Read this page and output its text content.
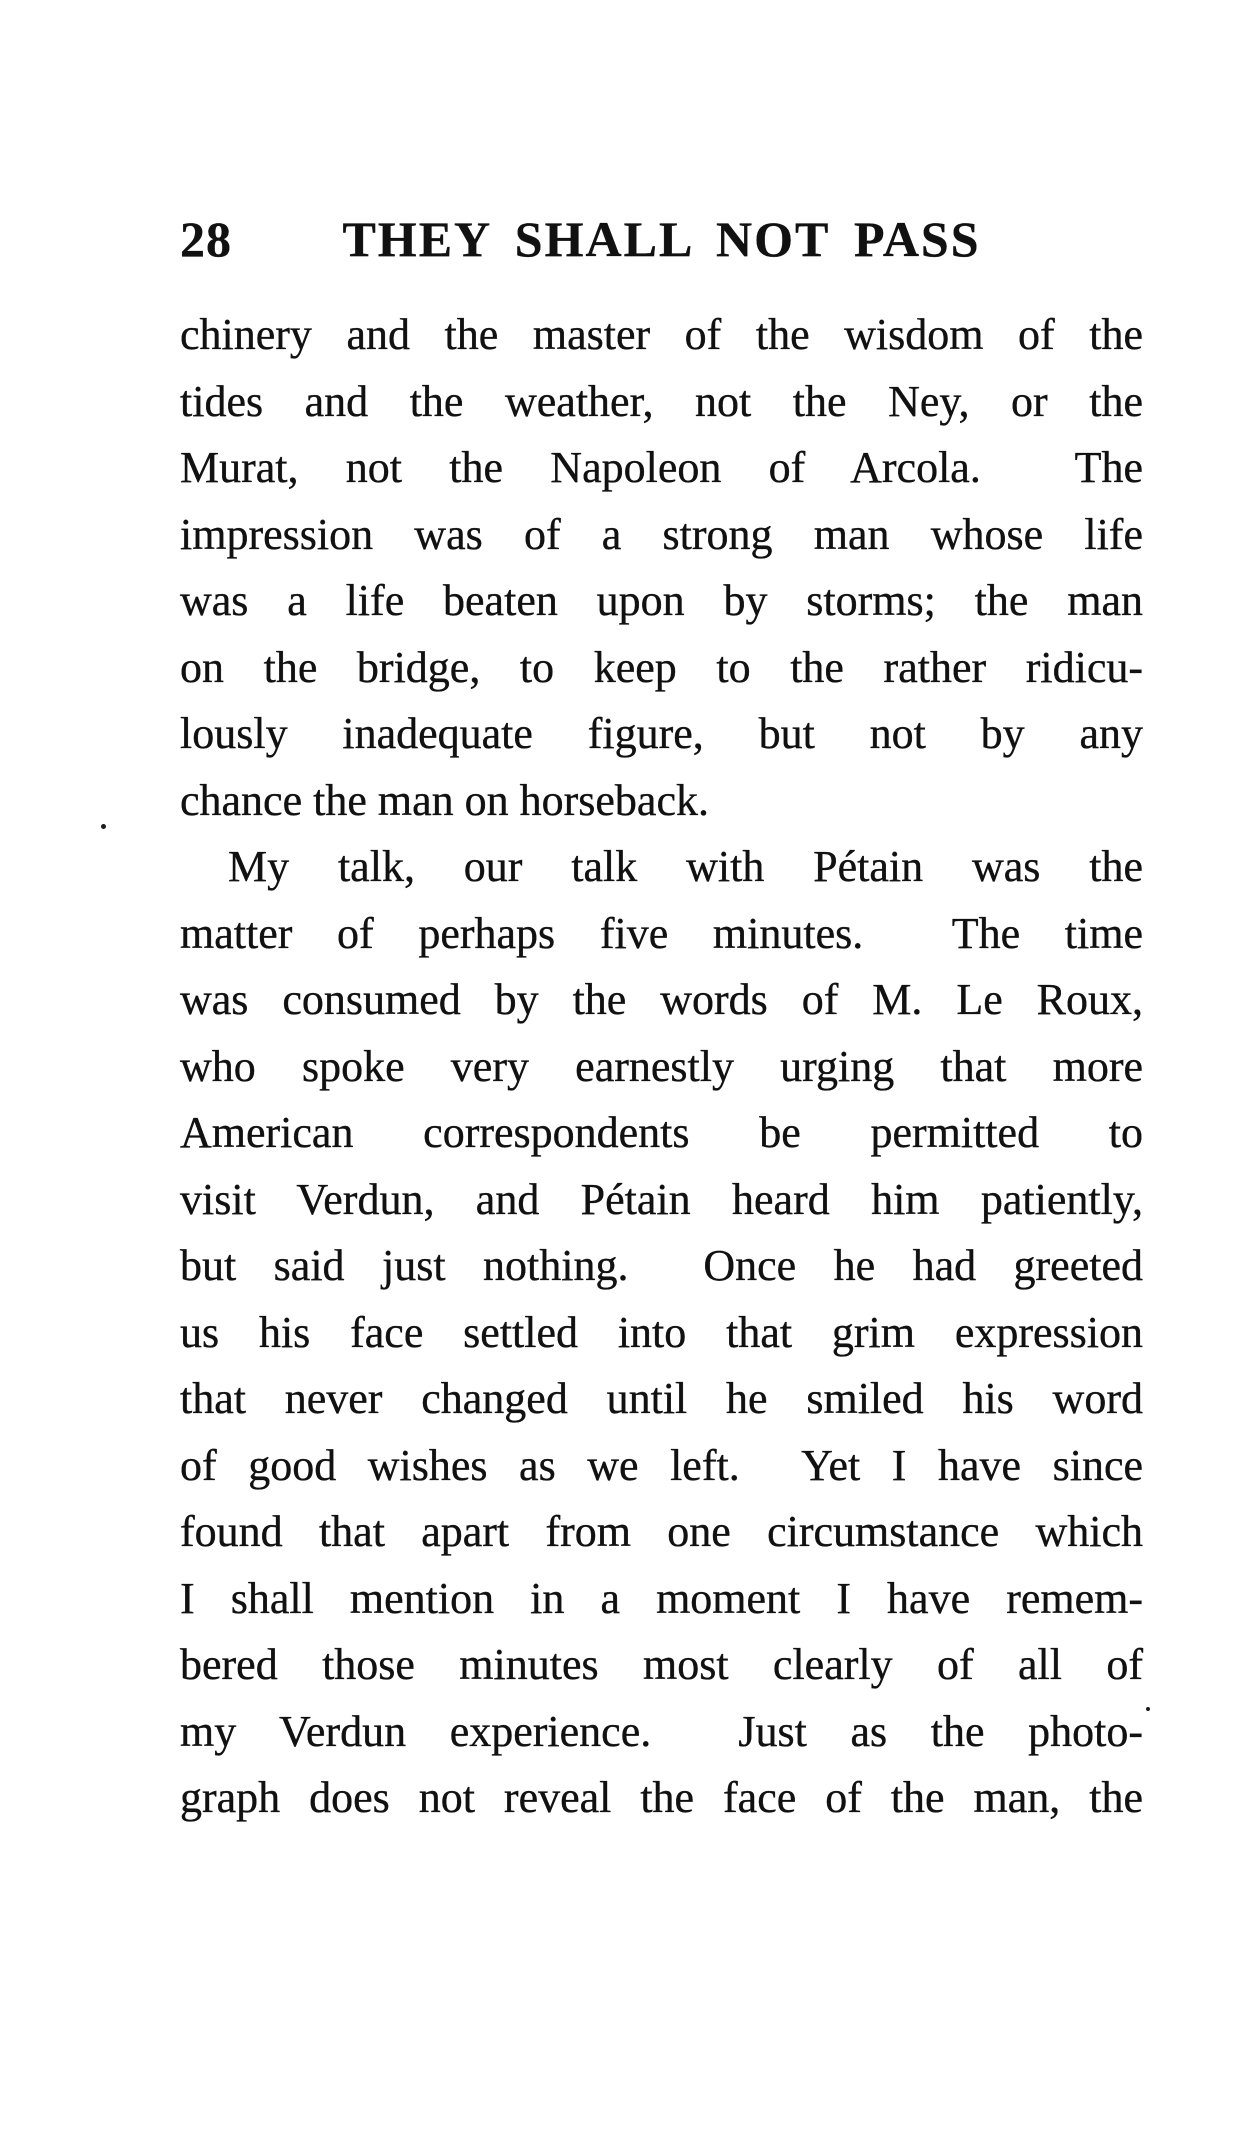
28 THEY SHALL NOT PASS
chinery and the master of the wisdom of the
tides and the weather, not the Ney, or the
Murat, not the Napoleon of Arcola.  The
impression was of a strong man whose life
was a life beaten upon by storms; the man
on the bridge, to keep to the rather ridicu-
lously inadequate figure, but not by any
chance the man on horseback.
My talk, our talk with Pétain was the
matter of perhaps five minutes.  The time
was consumed by the words of M. Le Roux,
who spoke very earnestly urging that more
American correspondents be permitted to
visit Verdun, and Pétain heard him patiently,
but said just nothing.  Once he had greeted
us his face settled into that grim expression
that never changed until he smiled his word
of good wishes as we left.  Yet I have since
found that apart from one circumstance which
I shall mention in a moment I have remem-
bered those minutes most clearly of all of
my Verdun experience.  Just as the photo-
graph does not reveal the face of the man, the
